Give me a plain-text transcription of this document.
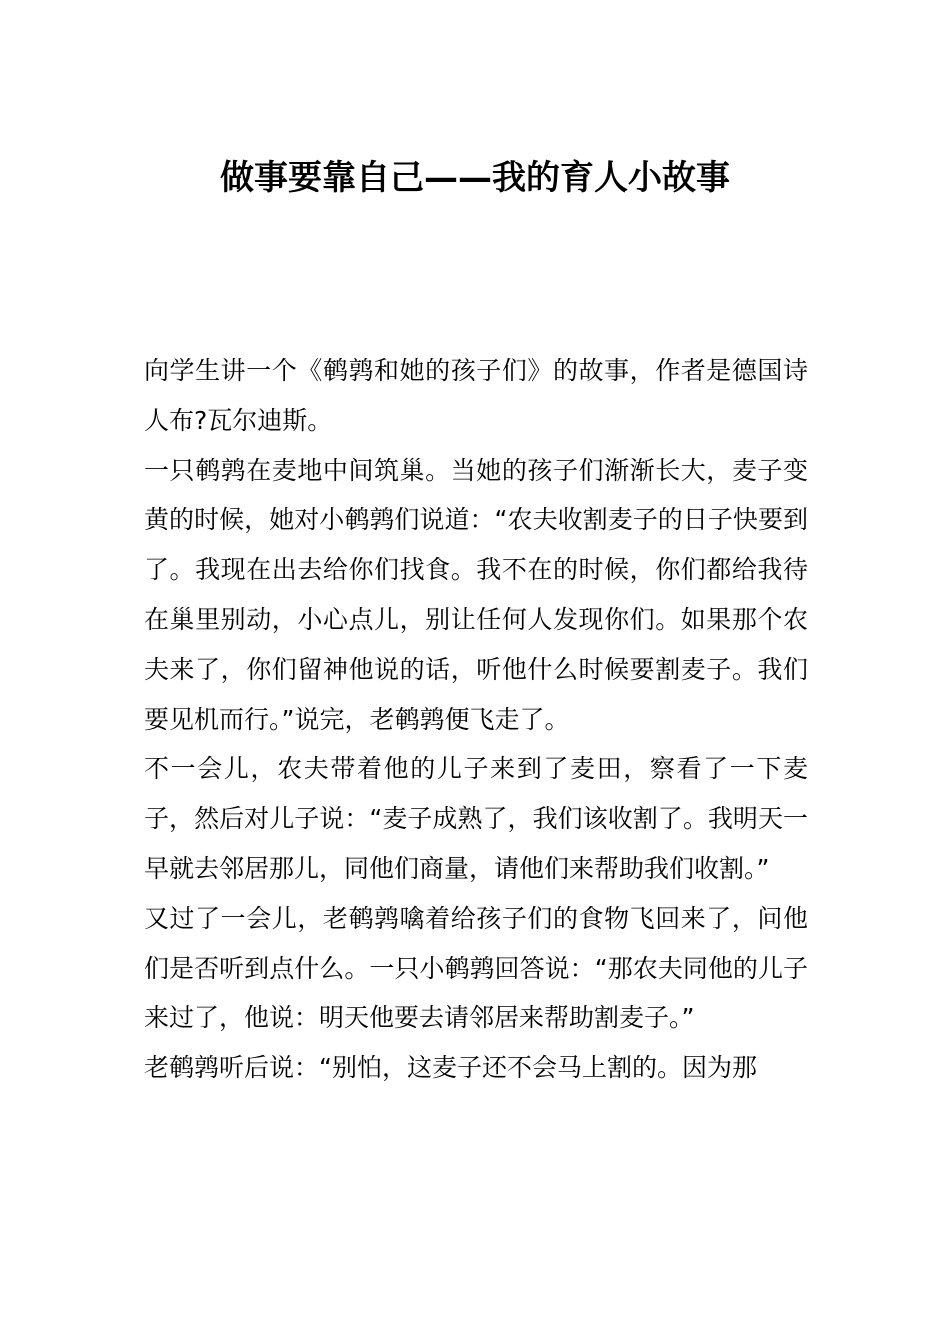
做事要靠自己——我的育人小故事

向学生讲一个《鹌鹑和她的孩子们》的故事，作者是德国诗人布?瓦尔迪斯。

一只鹌鹑在麦地中间筑巢。当她的孩子们渐渐长大，麦子变黄的时候，她对小鹌鹑们说道：“农夫收割麦子的日子快要到了。我现在出去给你们找食。我不在的时候，你们都给我待在巢里别动，小心点儿，别让任何人发现你们。如果那个农夫来了，你们留神他说的话，听他什么时候要割麦子。我们要见机而行。”说完，老鹌鹑便飞走了。

不一会儿，农夫带着他的儿子来到了麦田，察看了一下麦子，然后对儿子说：“麦子成熟了，我们该收割了。我明天一早就去邻居那儿，同他们商量，请他们来帮助我们收割。”

又过了一会儿，老鹌鹑噙着给孩子们的食物飞回来了，问他们是否听到点什么。一只小鹌鹑回答说：“那农夫同他的儿子来过了，他说：明天他要去请邻居来帮助割麦子。”

老鹌鹑听后说：“别怕，这麦子还不会马上割的。因为那
